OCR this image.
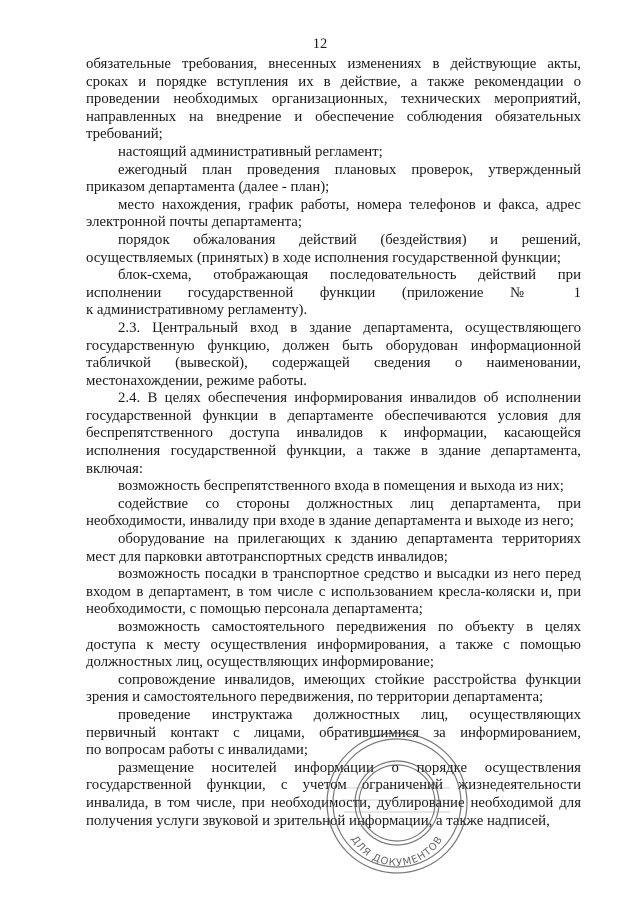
12
обязательные требования, внесенных изменениях в действующие акты,
сроках и порядке вступления их в действие, а также рекомендации о
проведении необходимых организационных, технических мероприятий,
направленных на внедрение и обеспечение соблюдения обязательных
требований;
настоящий административный регламент;
ежегодный план проведения плановых проверок, утвержденный
приказом департамента (далее - план);
место нахождения, график работы, номера телефонов и факса, адрес
электронной почты департамента;
порядок обжалования действий (бездействия) и решений,
осуществляемых (принятых) в ходе исполнения государственной функции;
блок-схема, отображающая последовательность действий при
исполнении государственной функции (приложение № 1
к административному регламенту).
2.3. Центральный вход в здание департамента, осуществляющего
государственную функцию, должен быть оборудован информационной
табличкой (вывеской), содержащей сведения о наименовании,
местонахождении, режиме работы.
2.4. В целях обеспечения информирования инвалидов об исполнении
государственной функции в департаменте обеспечиваются условия для
беспрепятственного доступа инвалидов к информации, касающейся
исполнения государственной функции, а также в здание департамента,
включая:
возможность беспрепятственного входа в помещения и выхода из них;
содействие со стороны должностных лиц департамента, при
необходимости, инвалиду при входе в здание департамента и выходе из него;
оборудование на прилегающих к зданию департамента территориях
мест для парковки автотранспортных средств инвалидов;
возможность посадки в транспортное средство и высадки из него перед
входом в департамент, в том числе с использованием кресла-коляски и, при
необходимости, с помощью персонала департамента;
возможность самостоятельного передвижения по объекту в целях
доступа к месту осуществления информирования, а также с помощью
должностных лиц, осуществляющих информирование;
сопровождение инвалидов, имеющих стойкие расстройства функции
зрения и самостоятельного передвижения, по территории департамента;
проведение инструктажа должностных лиц, осуществляющих
первичный контакт с лицами, обратившимися за информированием,
по вопросам работы с инвалидами;
размещение носителей информации о порядке осуществления
государственной функции, с учетом ограничений жизнедеятельности
инвалида, в том числе, при необходимости, дублирование необходимой для
получения услуги звуковой и зрительной информации, а также надписей,
ДЛЯ ДОКУМЕНТОВ
